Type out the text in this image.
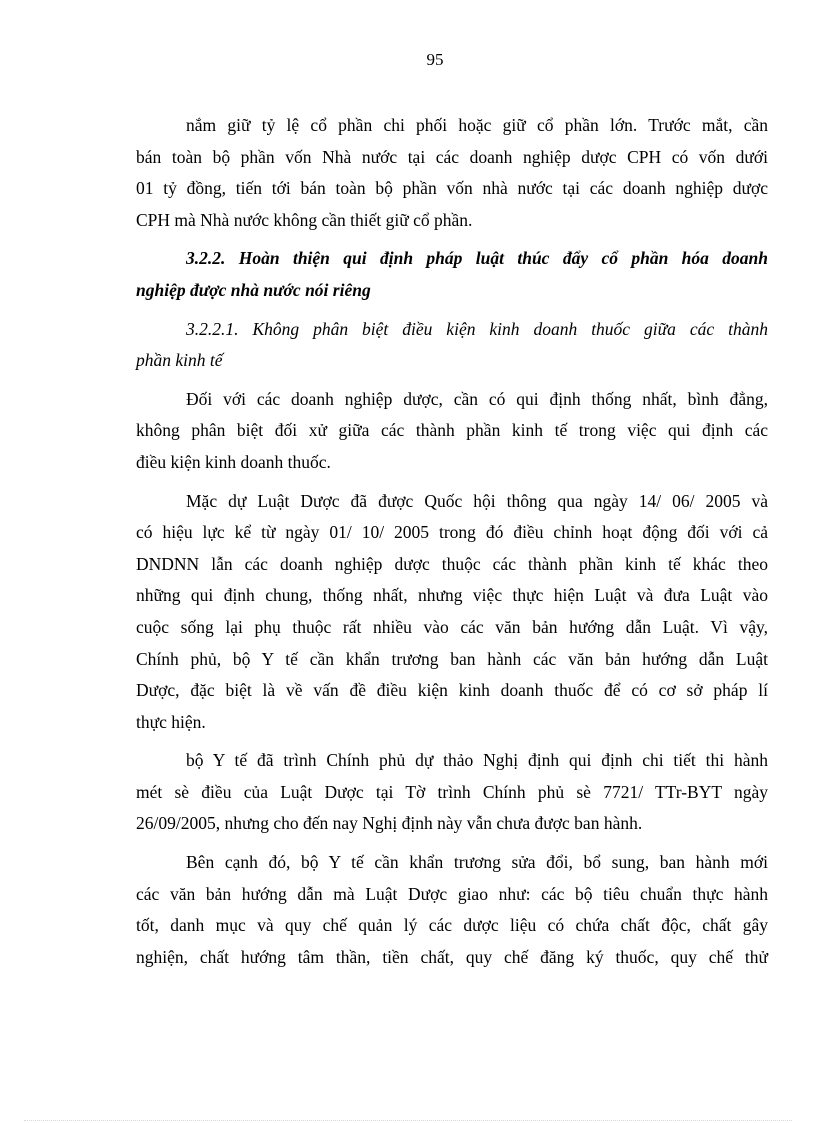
95
nắm giữ tỷ lệ cổ phần chi phối hoặc giữ cổ phần lớn. Trước mắt, cần
bán toàn bộ phần vốn Nhà nước tại các doanh nghiệp dược CPH có vốn dưới
01 tỷ đồng, tiến tới bán toàn bộ phần vốn nhà nước tại các doanh nghiệp dược
CPH mà Nhà nước không cần thiết giữ cổ phần.
3.2.2. Hoàn thiện qui định pháp luật thúc đẩy cổ phần hóa doanh
nghiệp được nhà nước nói riêng
3.2.2.1. Không phân biệt điều kiện kinh doanh thuốc giữa các thành
phần kinh tế
Đối với các doanh nghiệp dược, cần có qui định thống nhất, bình đẳng,
không phân biệt đối xử giữa các thành phần kinh tế trong việc qui định các
điều kiện kinh doanh thuốc.
Mặc dự Luật Dược đã được Quốc hội thông qua ngày 14/ 06/ 2005 và
có hiệu lực kể từ ngày 01/ 10/ 2005 trong đó điều chỉnh hoạt động đối với cả
DNDNN lẫn các doanh nghiệp dược thuộc các thành phần kinh tế khác theo
những qui định chung, thống nhất, nhưng việc thực hiện Luật và đưa Luật vào
cuộc sống lại phụ thuộc rất nhiều vào các văn bản hướng dẫn Luật. Vì vậy,
Chính phủ, bộ Y tế cần khẩn trương ban hành các văn bản hướng dẫn Luật
Dược, đặc biệt là về vấn đề điều kiện kinh doanh thuốc để có cơ sở pháp lí
thực hiện.
bộ Y tế đã trình Chính phủ dự thảo Nghị định qui định chi tiết thi hành
mét sè điều của Luật Dược tại Tờ trình Chính phủ sè 7721/ TTr-BYT ngày
26/09/2005, nhưng cho đến nay Nghị định này vẫn chưa được ban hành.
Bên cạnh đó, bộ Y tế cần khẩn trương sửa đổi, bổ sung, ban hành mới
các văn bản hướng dẫn mà Luật Dược giao như: các bộ tiêu chuẩn thực hành
tốt, danh mục và quy chế quản lý các dược liệu có chứa chất độc, chất gây
nghiện, chất hướng tâm thần, tiền chất, quy chế đăng ký thuốc, quy chế thử
